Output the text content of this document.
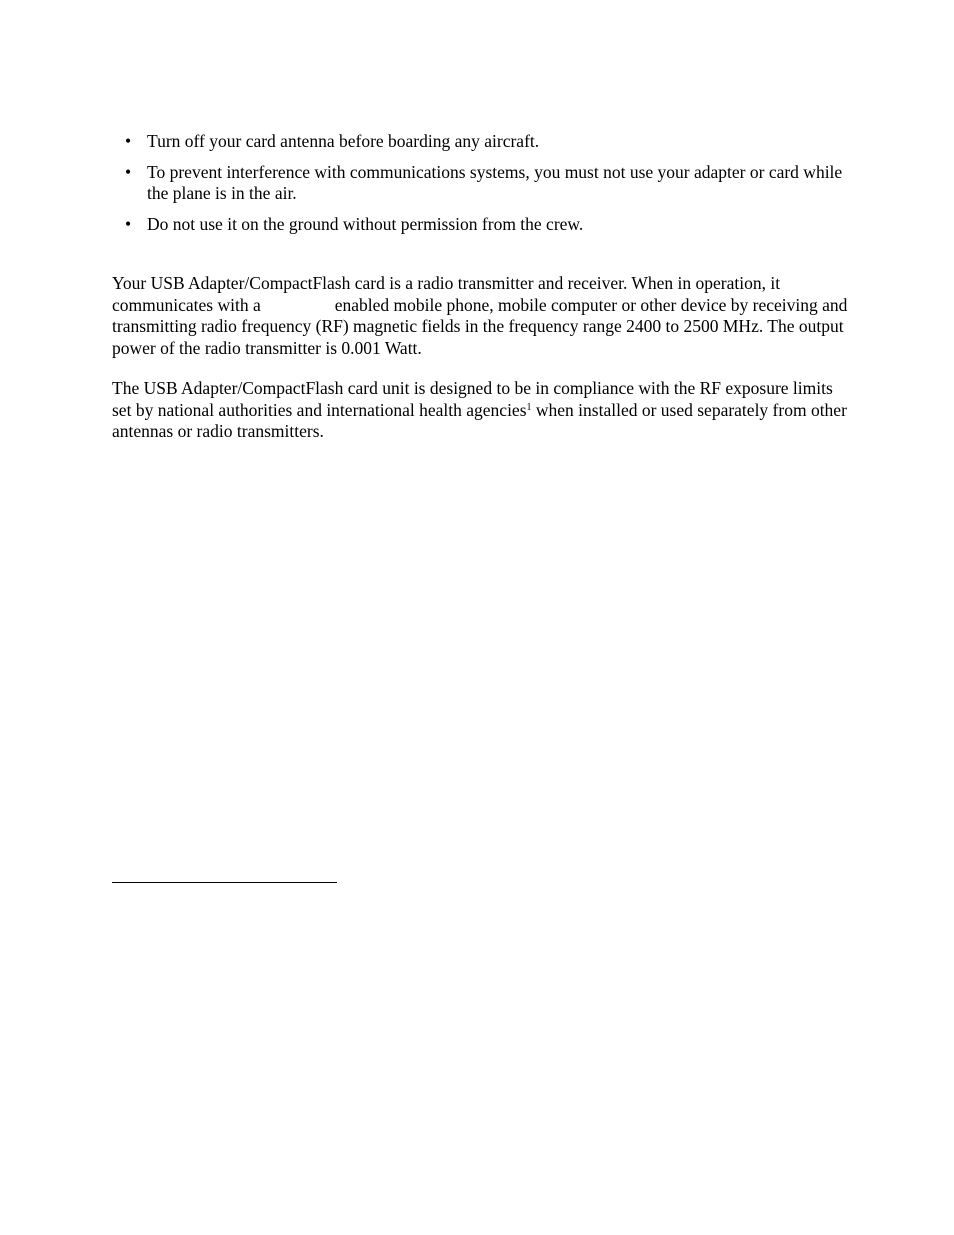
• Turn off your card antenna before boarding any aircraft.
• To prevent interference with communications systems, you must not use your adapter or card while the plane is in the air.
• Do not use it on the ground without permission from the crew.

Your USB Adapter/CompactFlash card is a radio transmitter and receiver. When in operation, it communicates with a	enabled mobile phone, mobile computer or other device by receiving and transmitting radio frequency (RF) magnetic fields in the frequency range 2400 to 2500 MHz. The output power of the radio transmitter is 0.001 Watt.

The USB Adapter/CompactFlash card unit is designed to be in compliance with the RF exposure limits set by national authorities and international health agencies$^1$ when installed or used separately from other antennas or radio transmitters.
